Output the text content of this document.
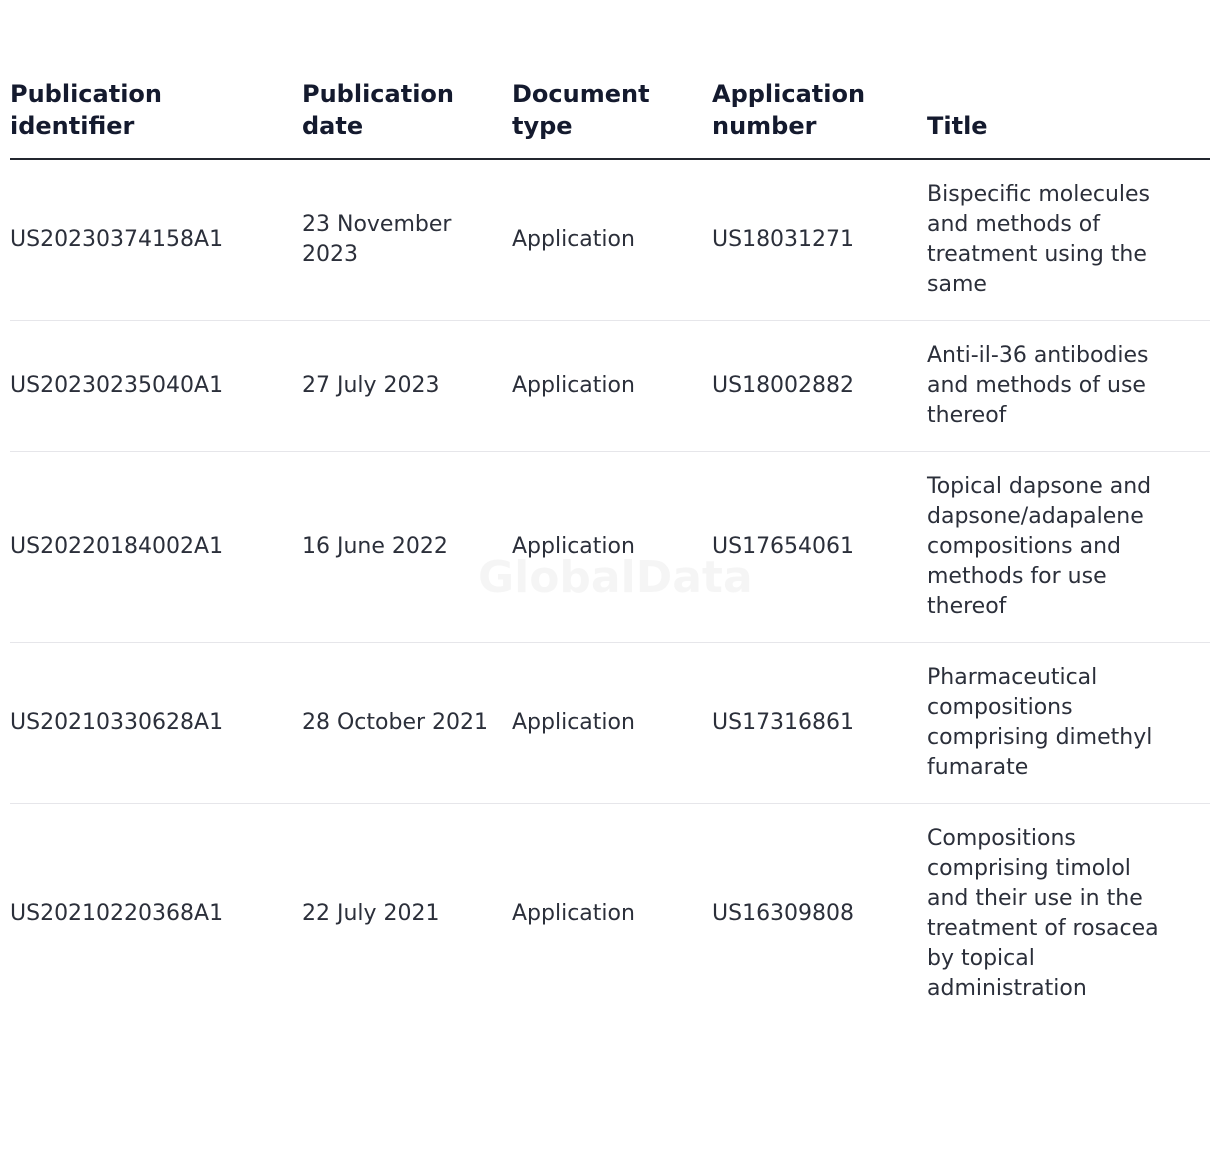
Publication identifier	Publication date	Document type	Application number	Title
US20230374158A1	23 November 2023	Application	US18031271	Bispecific molecules and methods of treatment using the same
US20230235040A1	27 July 2023	Application	US18002882	Anti-il-36 antibodies and methods of use thereof
US20220184002A1	16 June 2022	Application	US17654061	Topical dapsone and dapsone/adapalene compositions and methods for use thereof
US20210330628A1	28 October 2021	Application	US17316861	Pharmaceutical compositions comprising dimethyl fumarate
US20210220368A1	22 July 2021	Application	US16309808	Compositions comprising timolol and their use in the treatment of rosacea by topical administration
